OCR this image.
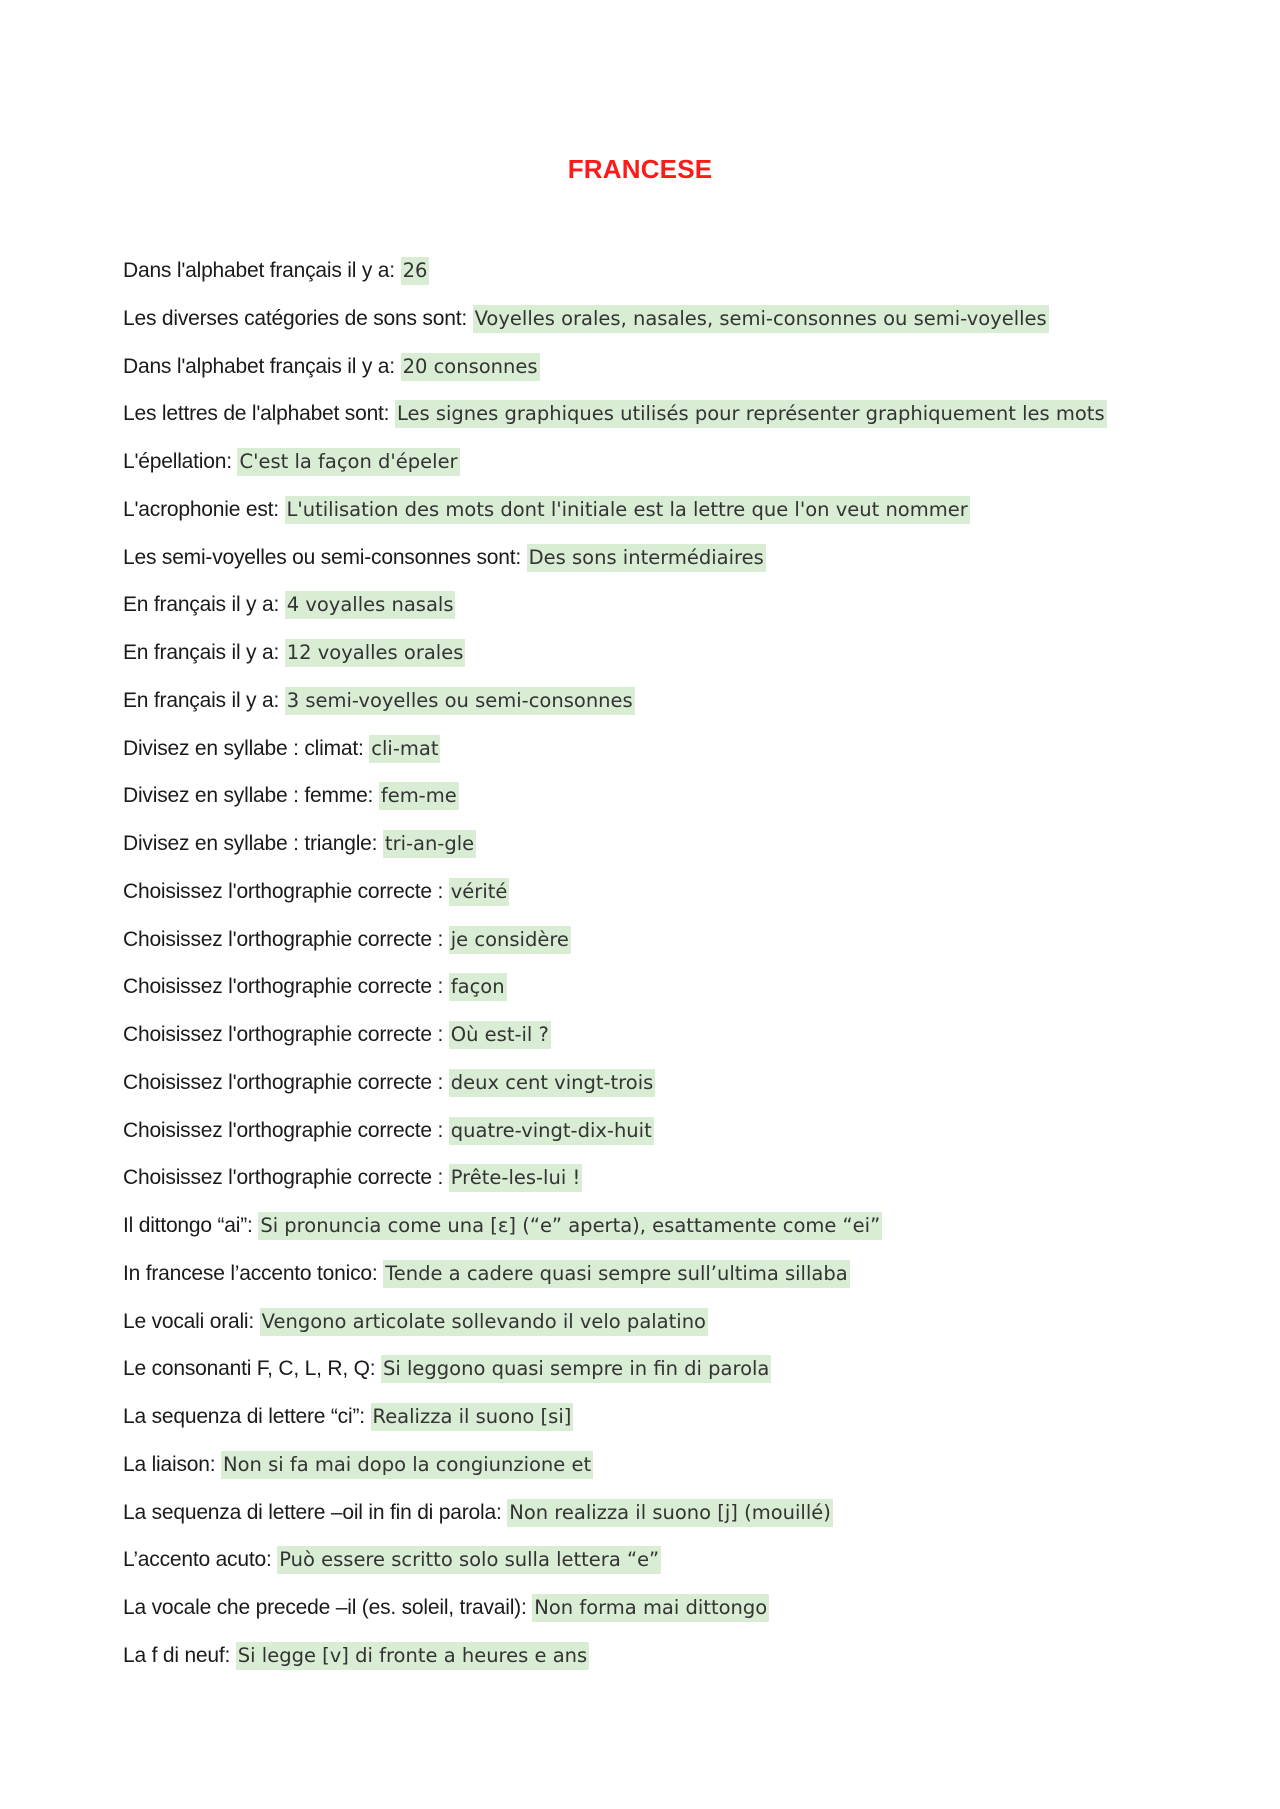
FRANCESE
Dans l'alphabet français il y a: 26
Les diverses catégories de sons sont: Voyelles orales, nasales, semi-consonnes ou semi-voyelles
Dans l'alphabet français il y a: 20 consonnes
Les lettres de l'alphabet sont: Les signes graphiques utilisés pour représenter graphiquement les mots
L'épellation: C'est la façon d'épeler
L'acrophonie est: L'utilisation des mots dont l'initiale est la lettre que l'on veut nommer
Les semi-voyelles ou semi-consonnes sont: Des sons intermédiaires
En français il y a: 4 voyalles nasals
En français il y a: 12 voyalles orales
En français il y a: 3 semi-voyelles ou semi-consonnes
Divisez en syllabe : climat: cli-mat
Divisez en syllabe : femme: fem-me
Divisez en syllabe : triangle: tri-an-gle
Choisissez l'orthographie correcte : vérité
Choisissez l'orthographie correcte : je considère
Choisissez l'orthographie correcte : façon
Choisissez l'orthographie correcte : Où est-il ?
Choisissez l'orthographie correcte : deux cent vingt-trois
Choisissez l'orthographie correcte : quatre-vingt-dix-huit
Choisissez l'orthographie correcte : Prête-les-lui !
Il dittongo “ai”: Si pronuncia come una [ɛ] (“e” aperta), esattamente come “ei”
In francese l’accento tonico: Tende a cadere quasi sempre sull’ultima sillaba
Le vocali orali: Vengono articolate sollevando il velo palatino
Le consonanti F, C, L, R, Q: Si leggono quasi sempre in fin di parola
La sequenza di lettere “ci”: Realizza il suono [si]
La liaison: Non si fa mai dopo la congiunzione et
La sequenza di lettere –oil in fin di parola: Non realizza il suono [j] (mouillé)
L’accento acuto: Può essere scritto solo sulla lettera “e”
La vocale che precede –il (es. soleil, travail): Non forma mai dittongo
La f di neuf: Si legge [v] di fronte a heures e ans
